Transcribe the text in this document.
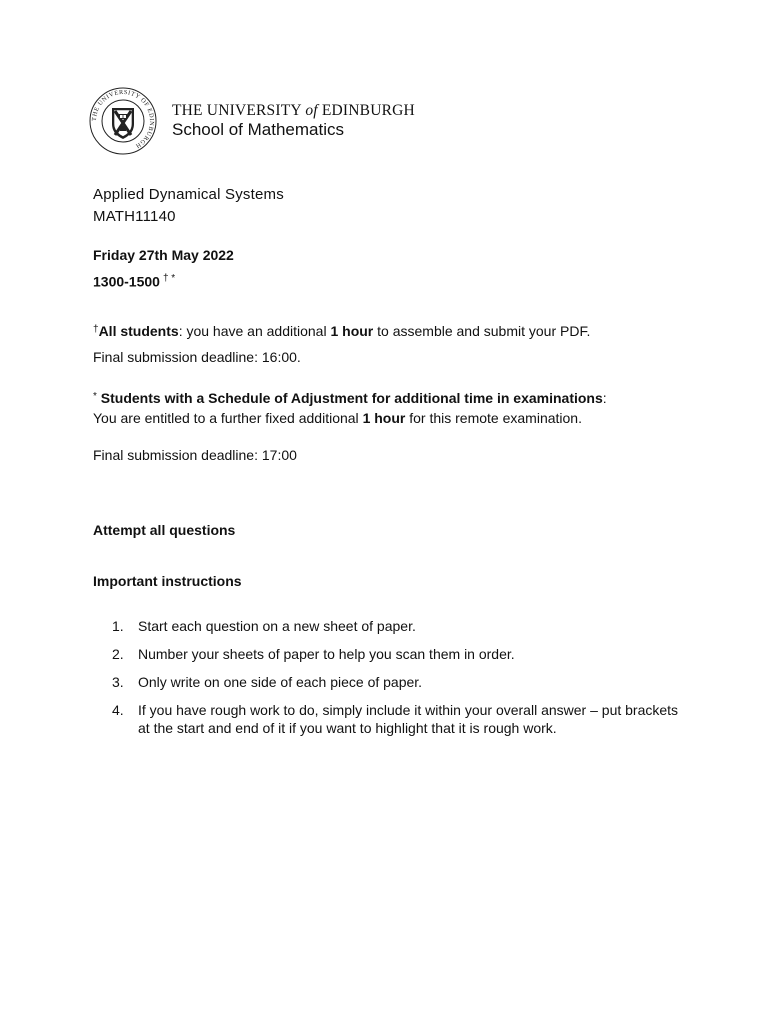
THE UNIVERSITY OF EDINBURGH
THE UNIVERSITY of EDINBURGH
School of Mathematics
Applied Dynamical Systems
MATH11140
Friday 27th May 2022
1300-1500 † *
†All students: you have an additional 1 hour to assemble and submit your PDF.
Final submission deadline: 16:00.
* Students with a Schedule of Adjustment for additional time in examinations:
You are entitled to a further fixed additional 1 hour for this remote examination.
Final submission deadline: 17:00
Attempt all questions
Important instructions
1.	Start each question on a new sheet of paper.
2.	Number your sheets of paper to help you scan them in order.
3.	Only write on one side of each piece of paper.
4.	If you have rough work to do, simply include it within your overall answer – put brackets at the start and end of it if you want to highlight that it is rough work.
